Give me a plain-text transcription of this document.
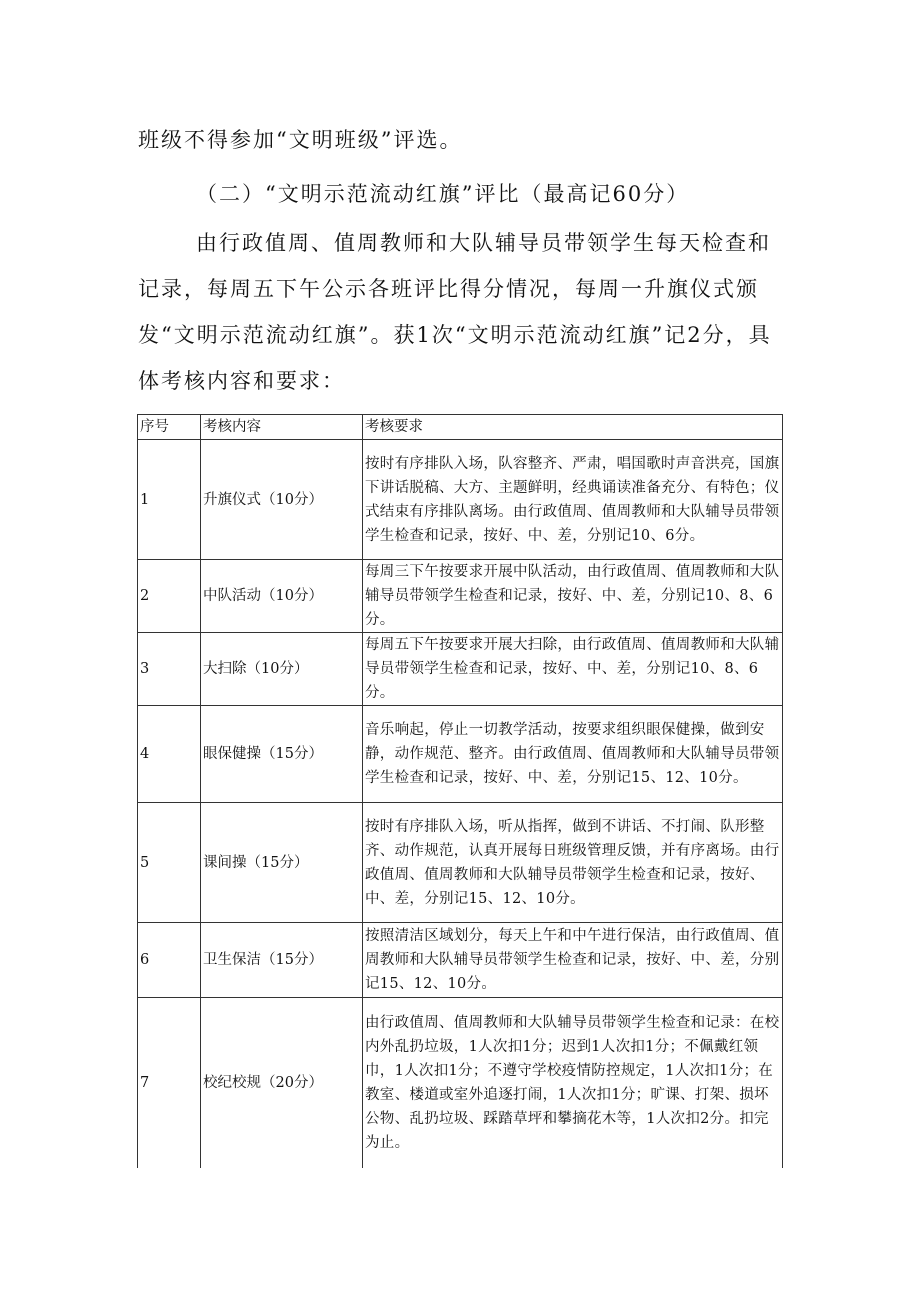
班级不得参加“文明班级”评选。

（二）“文明示范流动红旗”评比（最高记60分）

由行政值周、值周教师和大队辅导员带领学生每天检查和记录，每周五下午公示各班评比得分情况，每周一升旗仪式颁发“文明示范流动红旗”。获1次“文明示范流动红旗”记2分，具体考核内容和要求：

序号	考核内容	考核要求
1	升旗仪式（10分）	按时有序排队入场，队容整齐、严肃，唱国歌时声音洪亮，国旗下讲话脱稿、大方、主题鲜明，经典诵读准备充分、有特色；仪式结束有序排队离场。由行政值周、值周教师和大队辅导员带领学生检查和记录，按好、中、差，分别记10、6分。
2	中队活动（10分）	每周三下午按要求开展中队活动，由行政值周、值周教师和大队辅导员带领学生检查和记录，按好、中、差，分别记10、8、6分。
3	大扫除（10分）	每周五下午按要求开展大扫除，由行政值周、值周教师和大队辅导员带领学生检查和记录，按好、中、差，分别记10、8、6分。
4	眼保健操（15分）	音乐响起，停止一切教学活动，按要求组织眼保健操，做到安静，动作规范、整齐。由行政值周、值周教师和大队辅导员带领学生检查和记录，按好、中、差，分别记15、12、10分。
5	课间操（15分）	按时有序排队入场，听从指挥，做到不讲话、不打闹、队形整齐、动作规范，认真开展每日班级管理反馈，并有序离场。由行政值周、值周教师和大队辅导员带领学生检查和记录，按好、中、差，分别记15、12、10分。
6	卫生保洁（15分）	按照清洁区域划分，每天上午和中午进行保洁，由行政值周、值周教师和大队辅导员带领学生检查和记录，按好、中、差，分别记15、12、10分。
7	校纪校规（20分）	由行政值周、值周教师和大队辅导员带领学生检查和记录：在校内外乱扔垃圾，1人次扣1分；迟到1人次扣1分；不佩戴红领巾，1人次扣1分；不遵守学校疫情防控规定，1人次扣1分；在教室、楼道或室外追逐打闹，1人次扣1分；旷课、打架、损坏公物、乱扔垃圾、踩踏草坪和攀摘花木等，1人次扣2分。扣完为止。
